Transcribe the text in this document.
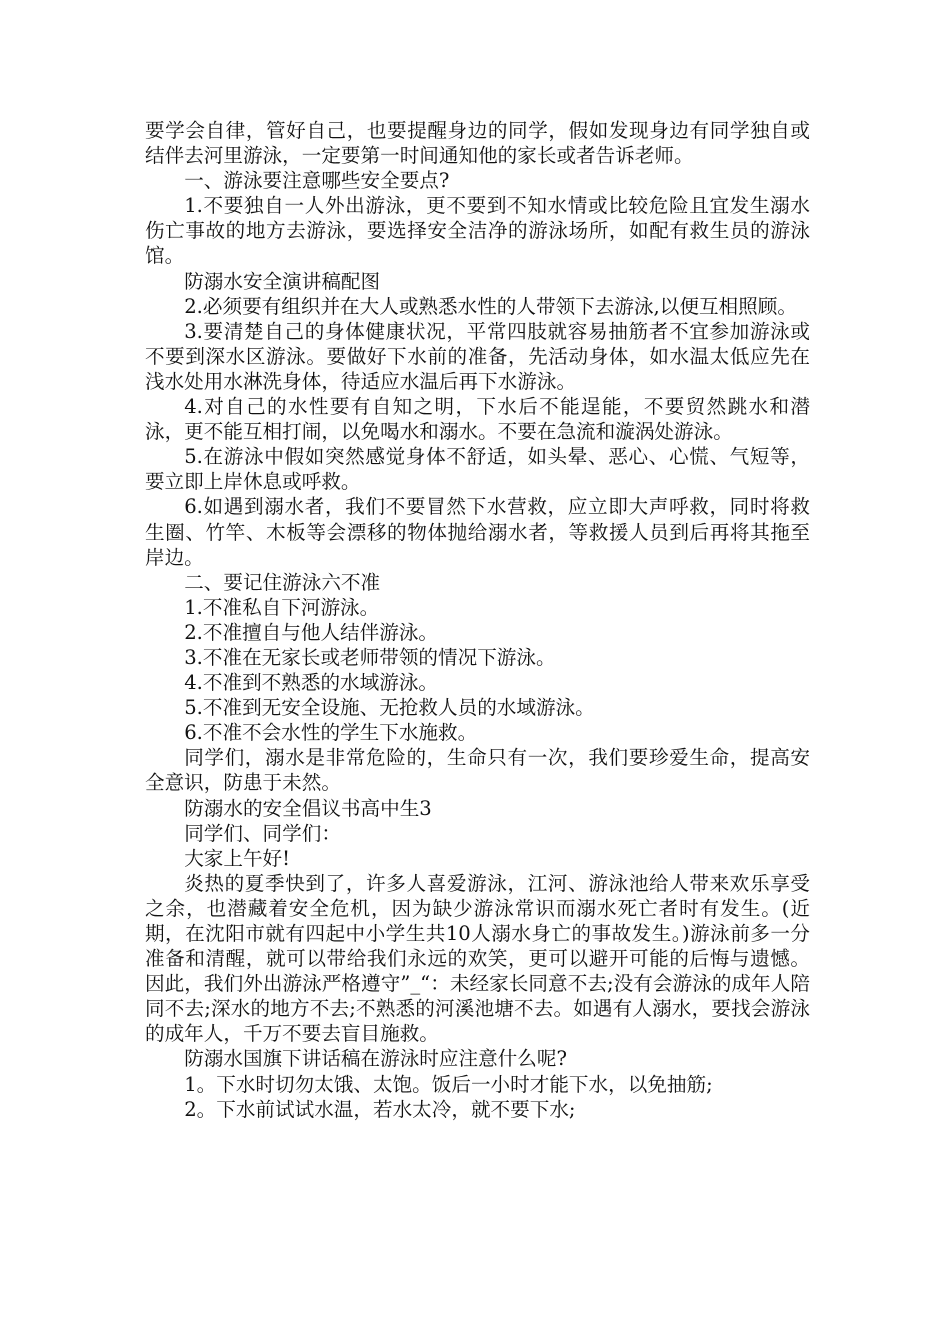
要学会自律，管好自己，也要提醒身边的同学，假如发现身边有同学独自或结伴去河里游泳，一定要第一时间通知他的家长或者告诉老师。

一、游泳要注意哪些安全要点?

1.不要独自一人外出游泳，更不要到不知水情或比较危险且宜发生溺水伤亡事故的地方去游泳，要选择安全洁净的游泳场所，如配有救生员的游泳馆。

防溺水安全演讲稿配图

2.必须要有组织并在大人或熟悉水性的人带领下去游泳,以便互相照顾。

3.要清楚自己的身体健康状况，平常四肢就容易抽筋者不宜参加游泳或不要到深水区游泳。要做好下水前的准备，先活动身体，如水温太低应先在浅水处用水淋洗身体，待适应水温后再下水游泳。

4.对自己的水性要有自知之明，下水后不能逞能，不要贸然跳水和潜泳，更不能互相打闹，以免喝水和溺水。不要在急流和漩涡处游泳。

5.在游泳中假如突然感觉身体不舒适，如头晕、恶心、心慌、气短等，要立即上岸休息或呼救。

6.如遇到溺水者，我们不要冒然下水营救，应立即大声呼救，同时将救生圈、竹竿、木板等会漂移的物体抛给溺水者，等救援人员到后再将其拖至岸边。

二、要记住游泳六不准

1.不准私自下河游泳。

2.不准擅自与他人结伴游泳。

3.不准在无家长或老师带领的情况下游泳。

4.不准到不熟悉的水域游泳。

5.不准到无安全设施、无抢救人员的水域游泳。

6.不准不会水性的学生下水施救。

同学们，溺水是非常危险的，生命只有一次，我们要珍爱生命，提高安全意识，防患于未然。

防溺水的安全倡议书高中生3

同学们、同学们：

大家上午好!

炎热的夏季快到了，许多人喜爱游泳，江河、游泳池给人带来欢乐享受之余，也潜藏着安全危机，因为缺少游泳常识而溺水死亡者时有发生。(近期，在沈阳市就有四起中小学生共10人溺水身亡的事故发生。)游泳前多一分准备和清醒，就可以带给我们永远的欢笑，更可以避开可能的后悔与遗憾。因此，我们外出游泳严格遵守”_“：未经家长同意不去;没有会游泳的成年人陪同不去;深水的地方不去;不熟悉的河溪池塘不去。如遇有人溺水，要找会游泳的成年人，千万不要去盲目施救。

防溺水国旗下讲话稿在游泳时应注意什么呢?

1。下水时切勿太饿、太饱。饭后一小时才能下水，以免抽筋;

2。下水前试试水温，若水太冷，就不要下水;
